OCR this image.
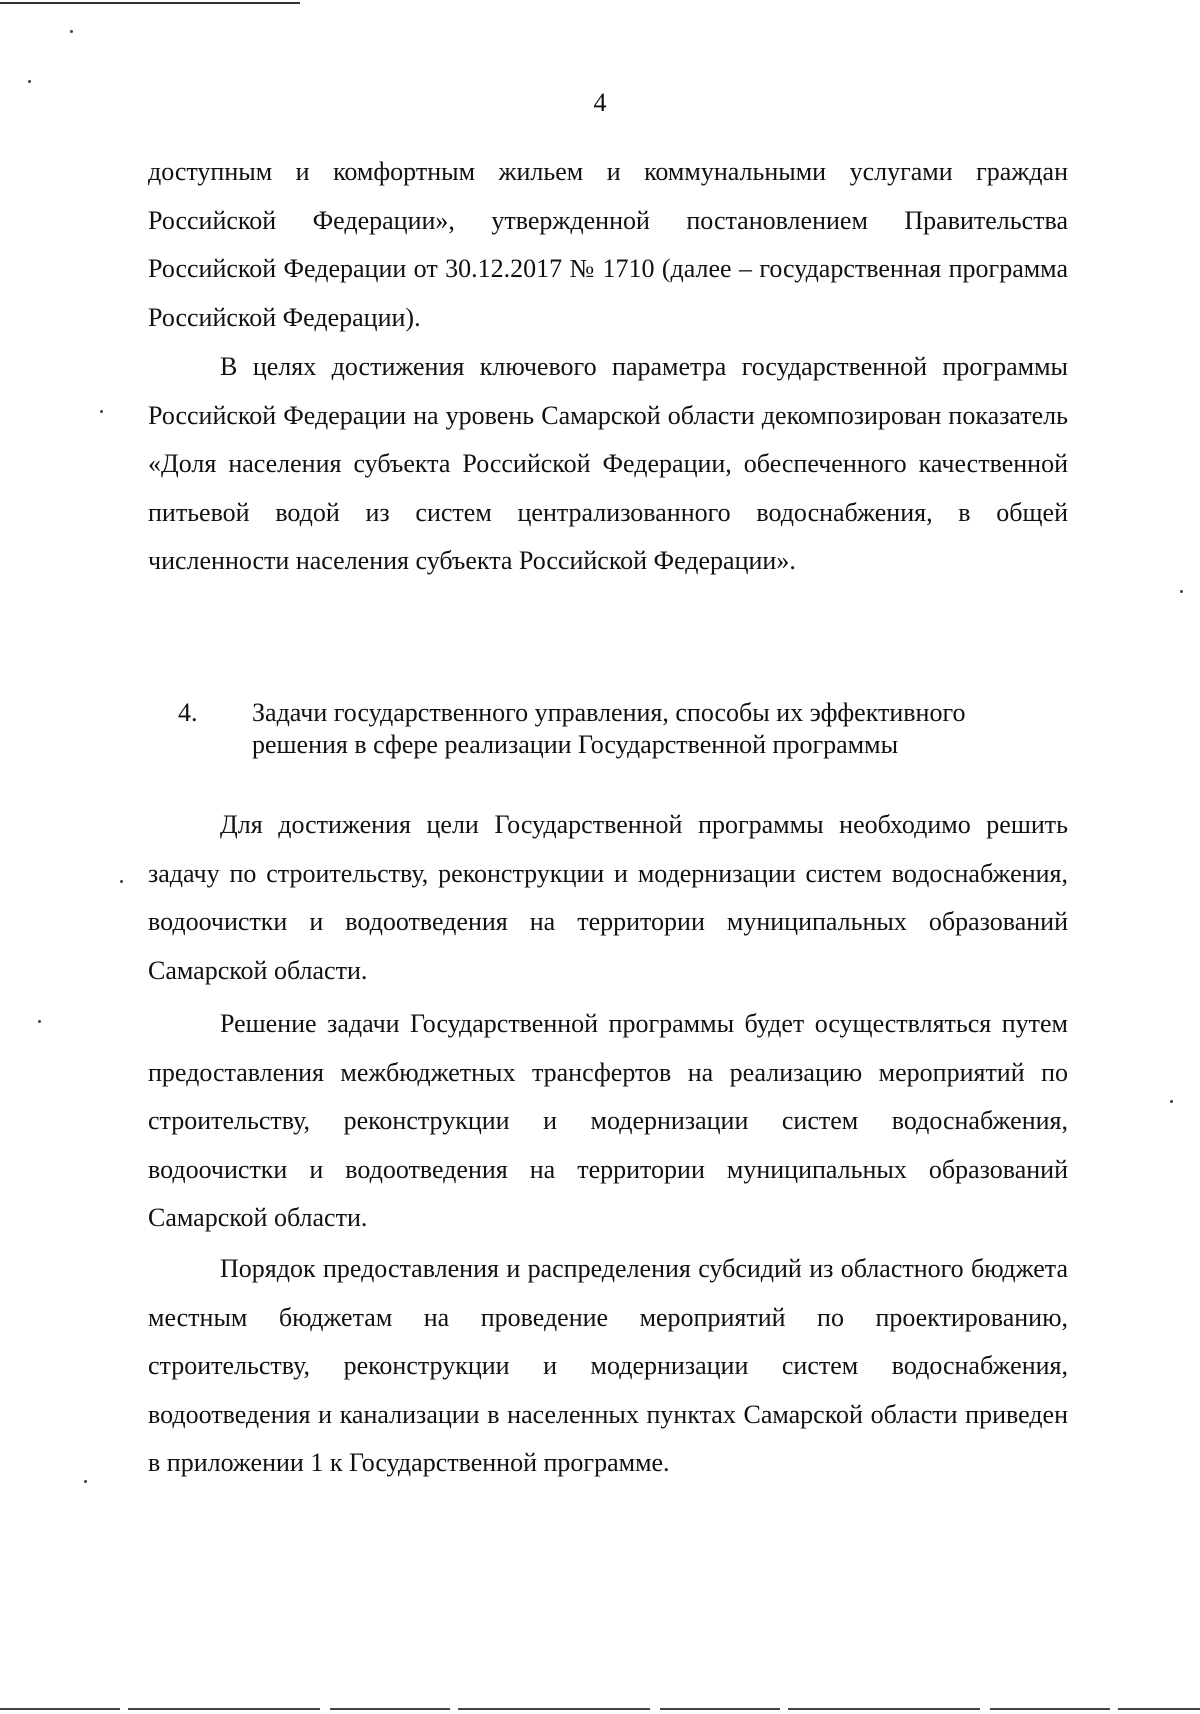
4

доступным и комфортным жильем и коммунальными услугами граждан Российской Федерации», утвержденной постановлением Правительства Российской Федерации от 30.12.2017 № 1710 (далее – государственная программа Российской Федерации).

В целях достижения ключевого параметра государственной программы Российской Федерации на уровень Самарской области декомпозирован показатель «Доля населения субъекта Российской Федерации, обеспеченного качественной питьевой водой из систем централизованного водоснабжения, в общей численности населения субъекта Российской Федерации».

4. Задачи государственного управления, способы их эффективного решения в сфере реализации Государственной программы

Для достижения цели Государственной программы необходимо решить задачу по строительству, реконструкции и модернизации систем водоснабжения, водоочистки и водоотведения на территории муниципальных образований Самарской области.

Решение задачи Государственной программы будет осуществляться путем предоставления межбюджетных трансфертов на реализацию мероприятий по строительству, реконструкции и модернизации систем водоснабжения, водоочистки и водоотведения на территории муниципальных образований Самарской области.

Порядок предоставления и распределения субсидий из областного бюджета местным бюджетам на проведение мероприятий по проектированию, строительству, реконструкции и модернизации систем водоснабжения, водоотведения и канализации в населенных пунктах Самарской области приведен в приложении 1 к Государственной программе.
